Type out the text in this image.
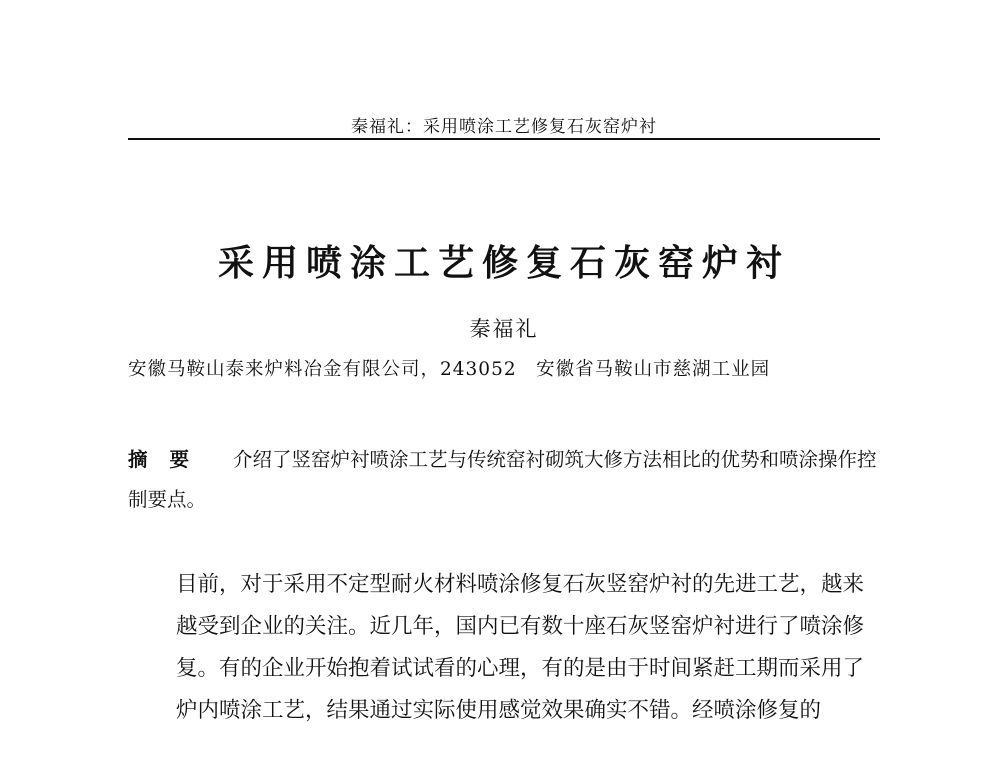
秦福礼：采用喷涂工艺修复石灰窑炉衬
采用喷涂工艺修复石灰窑炉衬
秦福礼
安徽马鞍山泰来炉料冶金有限公司，243052　安徽省马鞍山市慈湖工业园
摘要 介绍了竖窑炉衬喷涂工艺与传统窑衬砌筑大修方法相比的优势和喷涂操作控制要点。
目前，对于采用不定型耐火材料喷涂修复石灰竖窑炉衬的先进工艺，越来越受到企业的关注。近几年，国内已有数十座石灰竖窑炉衬进行了喷涂修复。有的企业开始抱着试试看的心理，有的是由于时间紧赶工期而采用了炉内喷涂工艺，结果通过实际使用感觉效果确实不错。经喷涂修复的
